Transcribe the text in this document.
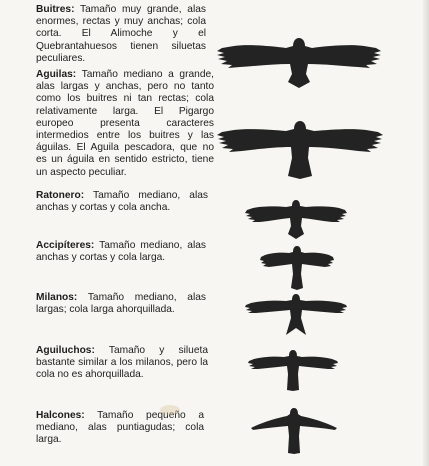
Buitres: Tamaño muy grande, alas enormes, rectas y muy anchas; cola corta. El Alimoche y el Quebrantahuesos tienen siluetas peculiares.
Aguilas: Tamaño mediano a grande, alas largas y anchas, pero no tanto como los buitres ni tan rectas; cola relativamente larga. El Pigargo europeo presenta caracteres intermedios entre los buitres y las águilas. El Aguila pescadora, que no es un águila en sentido estricto, tiene un aspecto peculiar.
Ratonero: Tamaño mediano, alas anchas y cortas y cola ancha.
Accipíteres: Tamaño mediano, alas anchas y cortas y cola larga.
Milanos: Tamaño mediano, alas largas; cola larga ahorquillada.
Aguiluchos: Tamaño y silueta bastante similar a los milanos, pero la cola no es ahorquillada.
Halcones: Tamaño pequeño a mediano, alas puntiagudas; cola larga.
